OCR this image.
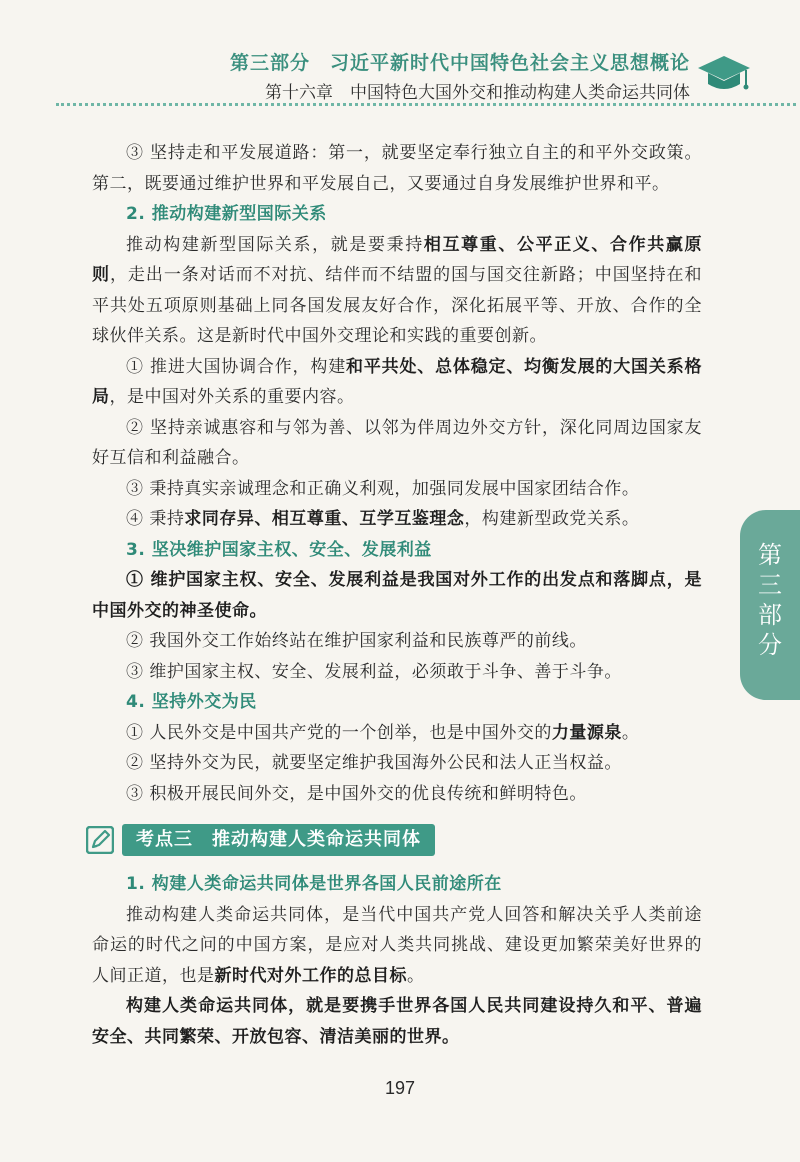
第三部分　习近平新时代中国特色社会主义思想概论
第十六章　中国特色大国外交和推动构建人类命运共同体
第三部分

③ 坚持走和平发展道路：第一，就要坚定奉行独立自主的和平外交政策。第二，既要通过维护世界和平发展自己，又要通过自身发展维护世界和平。

2. 推动构建新型国际关系

推动构建新型国际关系，就是要秉持相互尊重、公平正义、合作共赢原则，走出一条对话而不对抗、结伴而不结盟的国与国交往新路；中国坚持在和平共处五项原则基础上同各国发展友好合作，深化拓展平等、开放、合作的全球伙伴关系。这是新时代中国外交理论和实践的重要创新。

① 推进大国协调合作，构建和平共处、总体稳定、均衡发展的大国关系格局，是中国对外关系的重要内容。

② 坚持亲诚惠容和与邻为善、以邻为伴周边外交方针，深化同周边国家友好互信和利益融合。

③ 秉持真实亲诚理念和正确义利观，加强同发展中国家团结合作。

④ 秉持求同存异、相互尊重、互学互鉴理念，构建新型政党关系。

3. 坚决维护国家主权、安全、发展利益

① 维护国家主权、安全、发展利益是我国对外工作的出发点和落脚点，是中国外交的神圣使命。

② 我国外交工作始终站在维护国家利益和民族尊严的前线。

③ 维护国家主权、安全、发展利益，必须敢于斗争、善于斗争。

4. 坚持外交为民

① 人民外交是中国共产党的一个创举，也是中国外交的力量源泉。

② 坚持外交为民，就要坚定维护我国海外公民和法人正当权益。

③ 积极开展民间外交，是中国外交的优良传统和鲜明特色。

考点三　推动构建人类命运共同体

1. 构建人类命运共同体是世界各国人民前途所在

推动构建人类命运共同体，是当代中国共产党人回答和解决关乎人类前途命运的时代之问的中国方案，是应对人类共同挑战、建设更加繁荣美好世界的人间正道，也是新时代对外工作的总目标。

构建人类命运共同体，就是要携手世界各国人民共同建设持久和平、普遍安全、共同繁荣、开放包容、清洁美丽的世界。

197
